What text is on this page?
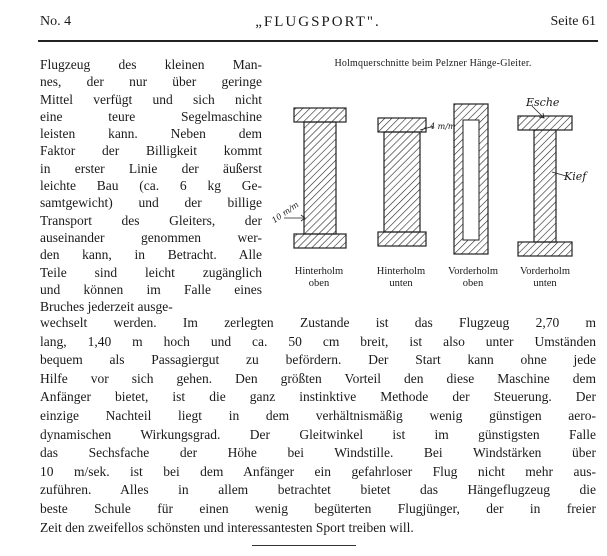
No. 4	„FLUGSPORT".	Seite 61
Flugzeug des kleinen Man-
nes, der nur über geringe
Mittel verfügt und sich nicht
eine teure Segelmaschine
leisten kann. Neben dem
Faktor der Billigkeit kommt
in erster Linie der äußerst
leichte Bau (ca. 6 kg Ge-
samtgewicht) und der billige
Transport des Gleiters, der
auseinander genommen wer-
den kann, in Betracht. Alle
Teile sind leicht zugänglich
und können im Falle eines
Bruches jederzeit ausge-
Holmquerschnitte beim Pelzner Hänge-Gleiter.
Esche
Kief
10 m/m
4 m/m
Hinterholm
oben
Hinterholm
unten
Vorderholm
oben
Vorderholm
unten
wechselt werden. Im zerlegten Zustande ist das Flugzeug 2,70 m
lang, 1,40 m hoch und ca. 50 cm breit, ist also unter Umständen
bequem als Passagiergut zu befördern. Der Start kann ohne jede
Hilfe vor sich gehen. Den größten Vorteil den diese Maschine dem
Anfänger bietet, ist die ganz instinktive Methode der Steuerung. Der
einzige Nachteil liegt in dem verhältnismäßig wenig günstigen aero-
dynamischen Wirkungsgrad. Der Gleitwinkel ist im günstigsten Falle
das Sechsfache der Höhe bei Windstille. Bei Windstärken über
10 m/sek. ist bei dem Anfänger ein gefahrloser Flug nicht mehr aus-
zuführen. Alles in allem betrachtet bietet das Hängeflugzeug die
beste Schule für einen wenig begüterten Flugjünger, der in freier
Zeit den zweifellos schönsten und interessantesten Sport treiben will.
